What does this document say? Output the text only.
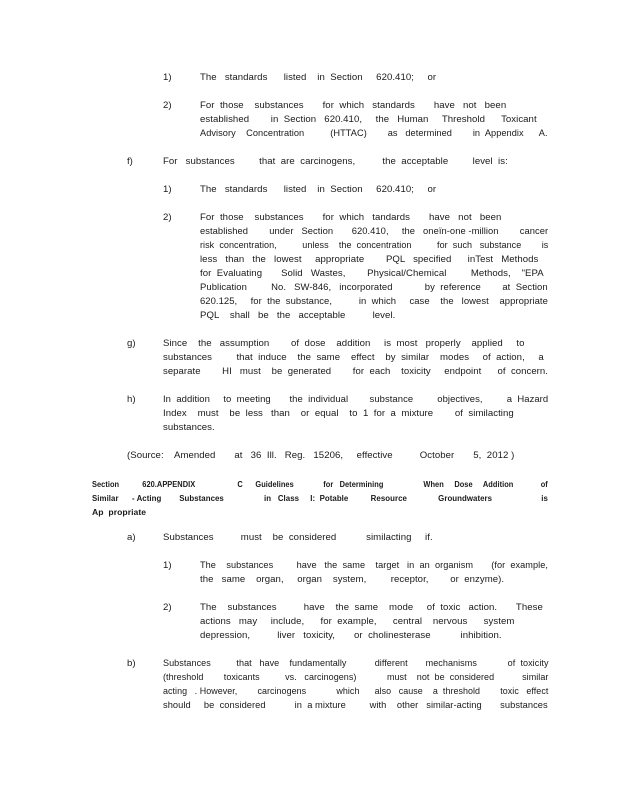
1)	The   standards      listed    in  Section     620.410;     or
2)	For  those    substances       for  which   standards       have   not   been
established        in  Section   620.410,     the   Human     Threshold      Toxicant
Advisory    Concentration          (HTTAC)        as   determined        in  Appendix      A.
f)	For   substances         that  are  carcinogens,          the  acceptable         level  is:
1)	The   standards      listed    in  Section     620.410;     or
2)	For  those    substances       for  which   tandards       have   not   been
established        under   Section       620.410,     the   oneïn-one -million        cancer
risk  concentration,          unless    the  concentration          for  such   substance        is
less   than   the   lowest     appropriate        PQL   specified      inTest   Methods
for  Evaluating       Solid   Wastes,        Physical/Chemical         Methods,    "EPA
Publication         No.   SW-846,   incorporated            by  reference        at  Section
620.125,     for  the  substance,          in  which     case    the   lowest    appropriate
PQL    shall   be   the   acceptable          level.
g)	Since    the   assumption        of  dose    addition     is  most   properly    applied     to
substances         that  induce    the  same    effect    by  similar    modes     of  action,     a
separate        HI   must    be  generated        for  each    toxicity     endpoint      of  concern.
h)	In  addition     to  meeting       the  individual        substance         objectives,         a  Hazard
Index    must    be  less   than    or  equal    to  1  for  a  mixture        of  similacting
substances.
(Source:    Amended       at   36  Ill.   Reg.   15206,     effective          October       5,  2012 )
Section           620.APPENDIX                    C      Guidelines              for   Determining                   When     Dose     Addition             of
Similar      - Acting        Substances                  in   Class     I:  Potable          Resource              Groundwaters                      is
Ap  propriate
a)	Substances          must    be  considered           similacting     if.
1)	The    substances         have   the  same    target   in  an  organism       (for  example,
the   same    organ,     organ    system,         receptor,        or  enzyme).
2)	The    substances          have    the  same    mode     of  toxic   action.       These
actions   may     include,      for  example,      central    nervous      system
depression,          liver   toxicity,       or  cholinesterase           inhibition.
b)	Substances          that   have    fundamentally           different       mechanisms            of  toxicity
(threshold        toxicants          vs.   carcinogens)            must    not  be  considered           similar
acting   . However,        carcinogens            which      also   cause    a  threshold        toxic   effect
should     be  considered           in  a mixture         with    other   similar-acting       substances
